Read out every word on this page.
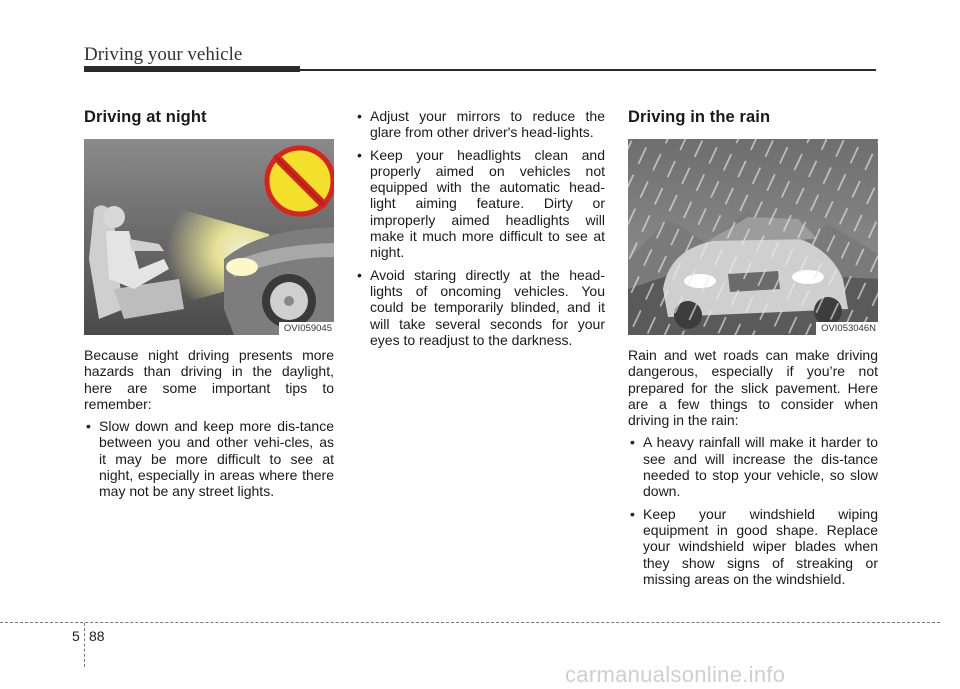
Driving your vehicle
Driving at night
OVI059045

Because night driving presents more hazards than driving in the daylight, here are some important tips to remember:

• Slow down and keep more dis-tance between you and other vehi-cles, as it may be more difficult to see at night, especially in areas where there may not be any street lights.
• Adjust your mirrors to reduce the glare from other driver's head-lights.
• Keep your headlights clean and properly aimed on vehicles not equipped with the automatic head-light aiming feature. Dirty or improperly aimed headlights will make it much more difficult to see at night.
• Avoid staring directly at the head-lights of oncoming vehicles. You could be temporarily blinded, and it will take several seconds for your eyes to readjust to the darkness.
Driving in the rain
OVI053046N

Rain and wet roads can make driving dangerous, especially if you’re not prepared for the slick pavement. Here are a few things to consider when driving in the rain:

• A heavy rainfall will make it harder to see and will increase the dis-tance needed to stop your vehicle, so slow down.
• Keep your windshield wiping equipment in good shape. Replace your windshield wiper blades when they show signs of streaking or missing areas on the windshield.
5 88
carmanualsonline.info
